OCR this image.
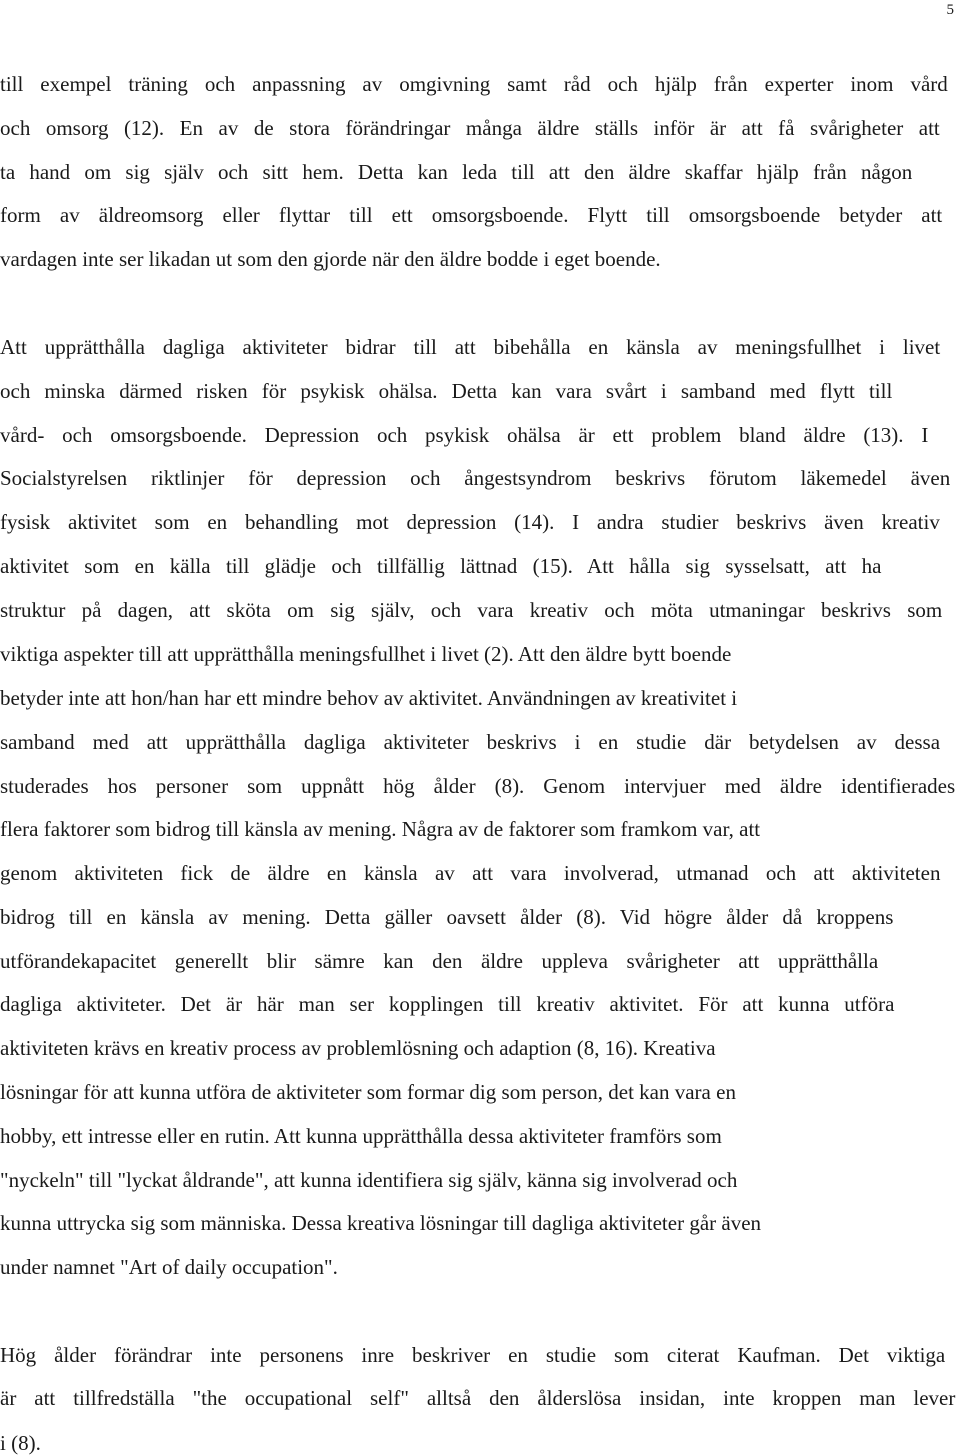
5
till exempel träning och anpassning av omgivning samt råd och hjälp från experter inom vård
och omsorg (12). En av de stora förändringar många äldre ställs inför är att få svårigheter att
ta hand om sig själv och sitt hem. Detta kan leda till att den äldre skaffar hjälp från någon
form av äldreomsorg eller flyttar till ett omsorgsboende. Flytt till omsorgsboende betyder att
vardagen inte ser likadan ut som den gjorde när den äldre bodde i eget boende.
Att upprätthålla dagliga aktiviteter bidrar till att bibehålla en känsla av meningsfullhet i livet
och minska därmed risken för psykisk ohälsa. Detta kan vara svårt i samband med flytt till
vård- och omsorgsboende. Depression och psykisk ohälsa är ett problem bland äldre (13). I
Socialstyrelsen riktlinjer för depression och ångestsyndrom beskrivs förutom läkemedel även
fysisk aktivitet som en behandling mot depression (14). I andra studier beskrivs även kreativ
aktivitet som en källa till glädje och tillfällig lättnad (15). Att hålla sig sysselsatt, att ha
struktur på dagen, att sköta om sig själv, och vara kreativ och möta utmaningar beskrivs som
viktiga aspekter till att upprätthålla meningsfullhet i livet (2). Att den äldre bytt boende
betyder inte att hon/han har ett mindre behov av aktivitet. Användningen av kreativitet i
samband med att upprätthålla dagliga aktiviteter beskrivs i en studie där betydelsen av dessa
studerades hos personer som uppnått hög ålder (8). Genom intervjuer med äldre identifierades
flera faktorer som bidrog till känsla av mening. Några av de faktorer som framkom var, att
genom aktiviteten fick de äldre en känsla av att vara involverad, utmanad och att aktiviteten
bidrog till en känsla av mening. Detta gäller oavsett ålder (8). Vid högre ålder då kroppens
utförandekapacitet generellt blir sämre kan den äldre uppleva svårigheter att upprätthålla
dagliga aktiviteter. Det är här man ser kopplingen till kreativ aktivitet. För att kunna utföra
aktiviteten krävs en kreativ process av problemlösning och adaption (8, 16). Kreativa
lösningar för att kunna utföra de aktiviteter som formar dig som person, det kan vara en
hobby, ett intresse eller en rutin. Att kunna upprätthålla dessa aktiviteter framförs som
"nyckeln" till "lyckat åldrande", att kunna identifiera sig själv, känna sig involverad och
kunna uttrycka sig som människa. Dessa kreativa lösningar till dagliga aktiviteter går även
under namnet "Art of daily occupation".
Hög ålder förändrar inte personens inre beskriver en studie som citerat Kaufman. Det viktiga
är att tillfredställa "the occupational self" alltså den ålderslösa insidan, inte kroppen man lever
i (8).
